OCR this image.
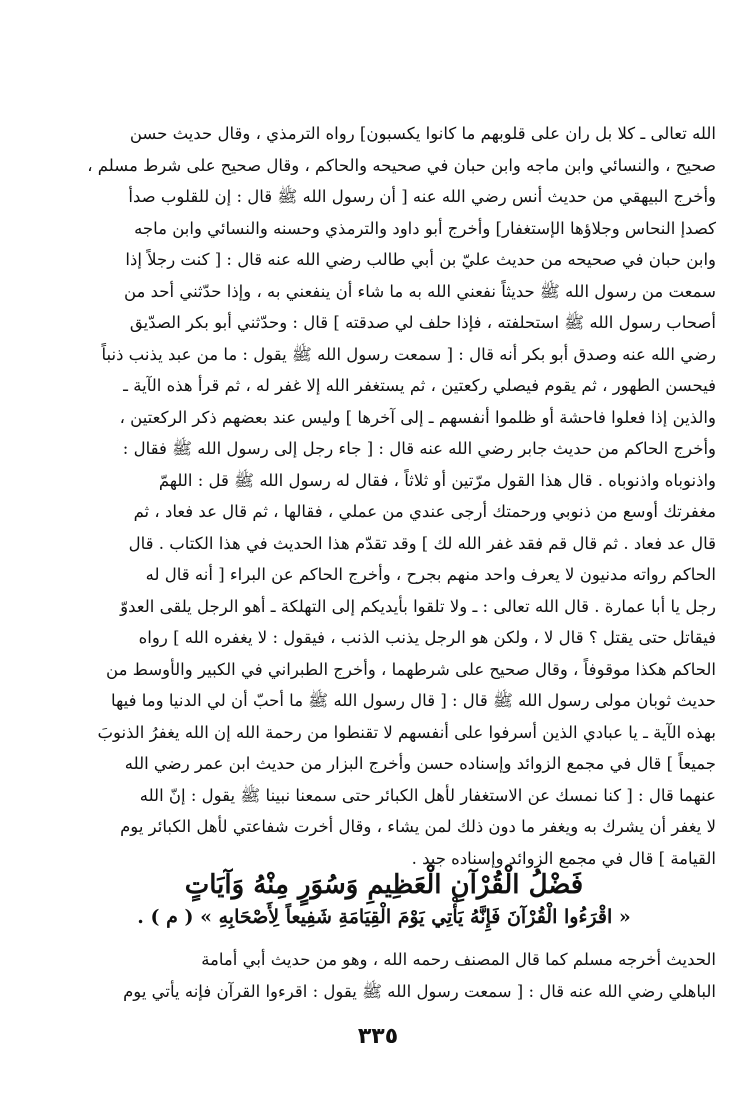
الله تعالى ـ كلا بل ران على قلوبهم ما كانوا يكسبون] رواه الترمذي ، وقال حديث حسن
صحيح ، والنسائي وابن ماجه وابن حبان في صحيحه والحاكم ، وقال صحيح على شرط مسلم ،
وأخرج البيهقي من حديث أنس رضي الله عنه [ أن رسول الله ﷺ قال : إن للقلوب صدأ
كصدإ النحاس وجلاؤها الإستغفار] وأخرج أبو داود والترمذي وحسنه والنسائي وابن ماجه
وابن حبان في صحيحه من حديث عليّ بن أبي طالب رضي الله عنه قال : [ كنت رجلاً إذا
سمعت من رسول الله ﷺ حديثاً نفعني الله به ما شاء أن ينفعني به ، وإذا حدّثني أحد من
أصحاب رسول الله ﷺ استحلفته ، فإذا حلف لي صدقته ] قال : وحدّثني أبو بكر الصدّيق
رضي الله عنه وصدق أبو بكر أنه قال : [ سمعت رسول الله ﷺ يقول : ما من عبد يذنب ذنباً
فيحسن الطهور ، ثم يقوم فيصلي ركعتين ، ثم يستغفر الله إلا غفر له ، ثم قرأ هذه الآية ـ
والذين إذا فعلوا فاحشة أو ظلموا أنفسهم ـ إلى آخرها ] وليس عند بعضهم ذكر الركعتين ،
وأخرج الحاكم من حديث جابر رضي الله عنه قال : [ جاء رجل إلى رسول الله ﷺ فقال :
واذنوباه واذنوباه . قال هذا القول مرّتين أو ثلاثاً ، فقال له رسول الله ﷺ قل : اللهمّ
مغفرتك أوسع من ذنوبي ورحمتك أرجى عندي من عملي ، فقالها ، ثم قال عد فعاد ، ثم
قال عد فعاد . ثم قال قم فقد غفر الله لك ] وقد تقدّم هذا الحديث في هذا الكتاب . قال
الحاكم رواته مدنيون لا يعرف واحد منهم بجرح ، وأخرج الحاكم عن البراء [ أنه قال له
رجل يا أبا عمارة . قال الله تعالى : ـ ولا تلقوا بأيديكم إلى التهلكة ـ أهو الرجل يلقى العدوّ
فيقاتل حتى يقتل ؟ قال لا ، ولكن هو الرجل يذنب الذنب ، فيقول : لا يغفره الله ] رواه
الحاكم هكذا موقوفاً ، وقال صحيح على شرطهما ، وأخرج الطبراني في الكبير والأوسط من
حديث ثوبان مولى رسول الله ﷺ قال : [ قال رسول الله ﷺ ما أحبّ أن لي الدنيا وما فيها
بهذه الآية ـ يا عبادي الذين أسرفوا على أنفسهم لا تقنطوا من رحمة الله إن الله يغفرُ الذنوبَ
جميعاً ] قال في مجمع الزوائد وإسناده حسن وأخرج البزار من حديث ابن عمر رضي الله
عنهما قال : [ كنا نمسك عن الاستغفار لأهل الكبائر حتى سمعنا نبينا ﷺ يقول : إنّ الله
لا يغفر أن يشرك به ويغفر ما دون ذلك لمن يشاء ، وقال أخرت شفاعتي لأهل الكبائر يوم
القيامة ] قال في مجمع الزوائد وإسناده جيد .
فَضْلُ الْقُرْآنِ الْعَظِيمِ وَسُوَرٍ مِنْهُ وَآيَاتٍ
« اقْرَءُوا الْقُرْآنَ فَإِنَّهُ يَأْتِي يَوْمَ الْقِيَامَةِ شَفِيعاً لِأَصْحَابِهِ » ( م ) .
الحديث أخرجه مسلم كما قال المصنف رحمه الله ، وهو من حديث أبي أمامة
الباهلي رضي الله عنه قال : [ سمعت رسول الله ﷺ يقول : اقرءوا القرآن فإنه يأتي يوم
٣٣٥
